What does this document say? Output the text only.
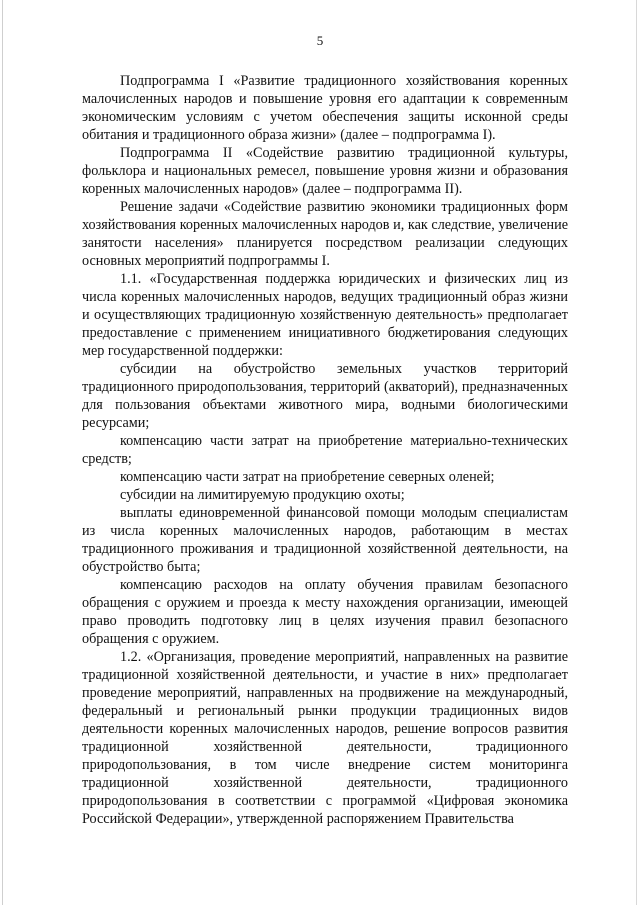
5

Подпрограмма I «Развитие традиционного хозяйствования коренных малочисленных народов и повышение уровня его адаптации к современным экономическим условиям с учетом обеспечения защиты исконной среды обитания и традиционного образа жизни» (далее – подпрограмма I).

Подпрограмма II «Содействие развитию традиционной культуры, фольклора и национальных ремесел, повышение уровня жизни и образования коренных малочисленных народов» (далее – подпрограмма II).

Решение задачи «Содействие развитию экономики традиционных форм хозяйствования коренных малочисленных народов и, как следствие, увеличение занятости населения» планируется посредством реализации следующих основных мероприятий подпрограммы I.

1.1. «Государственная поддержка юридических и физических лиц из числа коренных малочисленных народов, ведущих традиционный образ жизни и осуществляющих традиционную хозяйственную деятельность» предполагает предоставление с применением инициативного бюджетирования следующих мер государственной поддержки:

субсидии на обустройство земельных участков территорий традиционного природопользования, территорий (акваторий), предназначенных для пользования объектами животного мира, водными биологическими ресурсами;

компенсацию части затрат на приобретение материально-технических средств;

компенсацию части затрат на приобретение северных оленей;

субсидии на лимитируемую продукцию охоты;

выплаты единовременной финансовой помощи молодым специалистам из числа коренных малочисленных народов, работающим в местах традиционного проживания и традиционной хозяйственной деятельности, на обустройство быта;

компенсацию расходов на оплату обучения правилам безопасного обращения с оружием и проезда к месту нахождения организации, имеющей право проводить подготовку лиц в целях изучения правил безопасного обращения с оружием.

1.2. «Организация, проведение мероприятий, направленных на развитие традиционной хозяйственной деятельности, и участие в них» предполагает проведение мероприятий, направленных на продвижение на международный, федеральный и региональный рынки продукции традиционных видов деятельности коренных малочисленных народов, решение вопросов развития традиционной хозяйственной деятельности, традиционного природопользования, в том числе внедрение систем мониторинга традиционной хозяйственной деятельности, традиционного природопользования в соответствии с программой «Цифровая экономика Российской Федерации», утвержденной распоряжением Правительства
